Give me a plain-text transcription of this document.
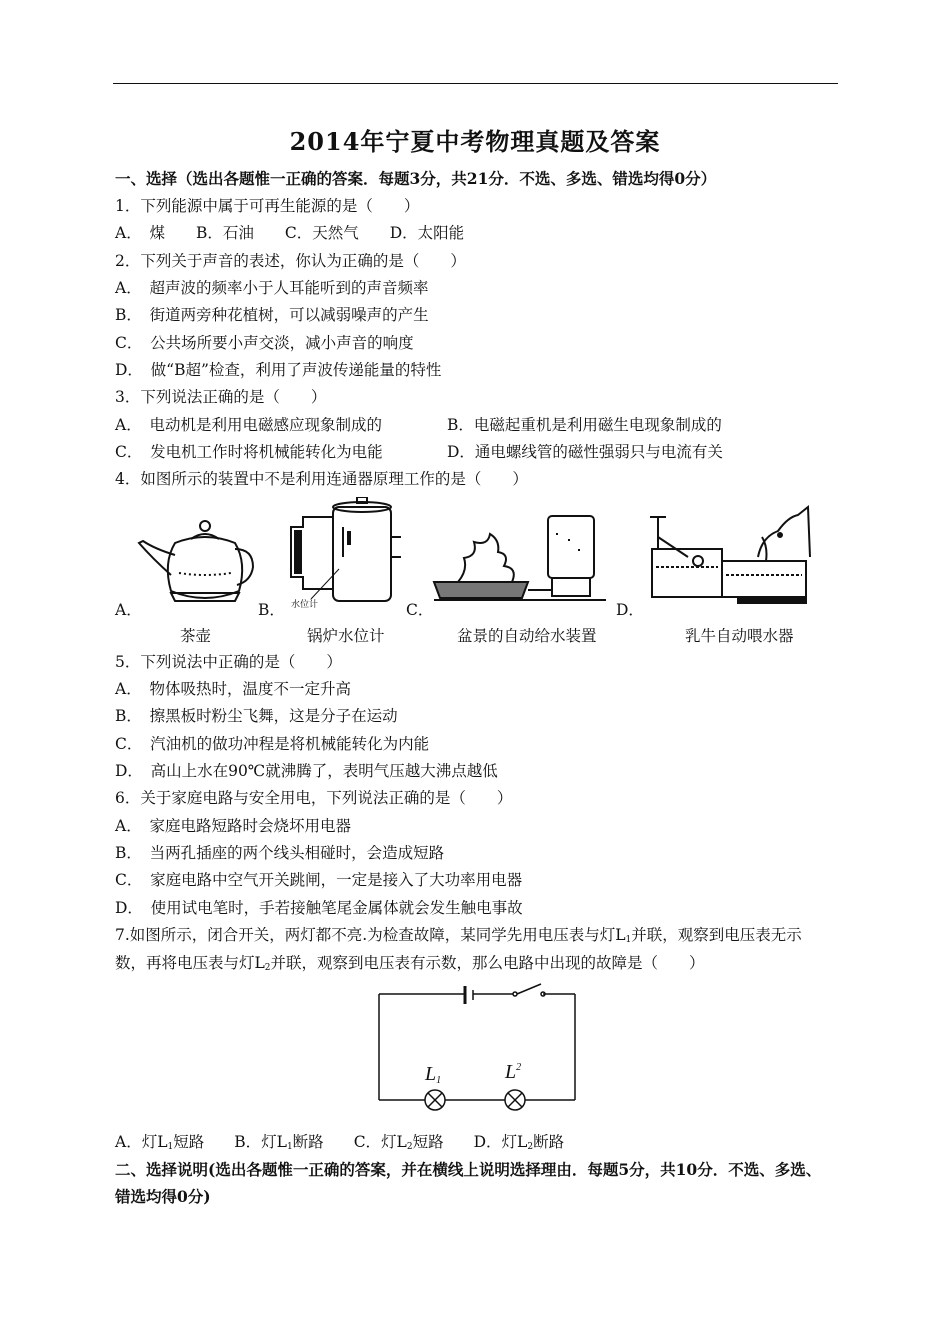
2014年宁夏中考物理真题及答案
一、选择（选出各题惟一正确的答案．每题3分，共21分．不选、多选、错选均得0分）
1．下列能源中属于可再生能源的是（　　）
A．　煤　　B．石油　　C．天然气　　D．太阳能
2．下列关于声音的表述，你认为正确的是（　　）
A．　超声波的频率小于人耳能听到的声音频率
B．　街道两旁种花植树，可以减弱噪声的产生
C．　公共场所要小声交淡，减小声音的响度
D．　做“B超”检查，利用了声波传递能量的特性
3．下列说法正确的是（　　）
A．　电动机是利用电磁感应现象制成的	B．电磁起重机是利用磁生电现象制成的
C．　发电机工作时将机械能转化为电能	D．通电螺线管的磁性强弱只与电流有关
4．如图所示的装置中不是利用连通器原理工作的是（　　）
水位计
A．	B．	C．	D．
茶壶	锅炉水位计	盆景的自动给水装置	乳牛自动喂水器
5．下列说法中正确的是（　　）
A．　物体吸热时，温度不一定升高
B．　擦黑板时粉尘飞舞，这是分子在运动
C．　汽油机的做功冲程是将机械能转化为内能
D．　高山上水在90℃就沸腾了，表明气压越大沸点越低
6．关于家庭电路与安全用电，下列说法正确的是（　　）
A．　家庭电路短路时会烧坏用电器
B．　当两孔插座的两个线头相碰时，会造成短路
C．　家庭电路中空气开关跳闸，一定是接入了大功率用电器
D．　使用试电笔时，手若接触笔尾金属体就会发生触电事故
7.如图所示，闭合开关，两灯都不亮.为检查故障，某同学先用电压表与灯$L_1$并联，观察到电压表无示
数，再将电压表与灯$L_2$并联，观察到电压表有示数，那么电路中出现的故障是（　　）
L1	$L^2$
A．灯$L_1$短路 B．灯$L_1$断路 C．灯$L_2$短路 D．灯$L_2$断路
二、选择说明(选出各题惟一正确的答案，并在横线上说明选择理由．每题5分，共10分．不选、多选、
错选均得0分)
